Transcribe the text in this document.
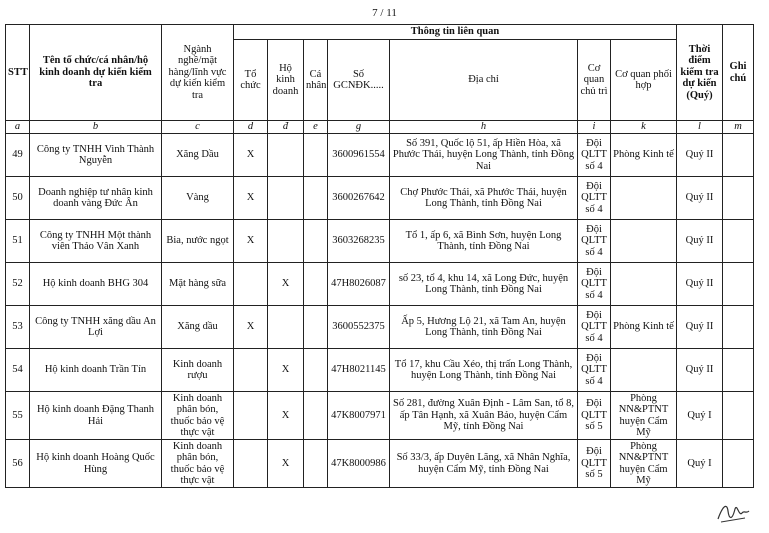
7 / 11
STT	Tên tổ chức/cá nhân/hộ kinh doanh dự kiến kiểm tra	Ngành nghề/mặt hàng/lĩnh vực dự kiến kiểm tra	Thông tin liên quan							Thời điểm kiểm tra dự kiến (Quý)	Ghi chú
			Tổ chức	Hộ kinh doanh	Cá nhân	Số GCNĐK.....	Địa chỉ	Cơ quan chủ trì	Cơ quan phối hợp		
a	b	c	d	đ	e	g	h	i	k	l	m
49	Công ty TNHH Vinh Thành Nguyễn	Xăng Dầu	X			3600961554	Số 391, Quốc lộ 51, ấp Hiền Hòa, xã Phước Thái, huyện Long Thành, tỉnh Đồng Nai	Đội QLTT số 4	Phòng Kinh tế	Quý II	
50	Doanh nghiệp tư nhân kinh doanh vàng Đức Ân	Vàng	X			3600267642	Chợ Phước Thái, xã Phước Thái, huyện Long Thành, tỉnh Đồng Nai	Đội QLTT số 4		Quý II	
51	Công ty TNHH Một thành viên Thảo Vân Xanh	Bia, nước ngọt	X			3603268235	Tổ 1, ấp 6, xã Bình Sơn, huyện Long Thành, tỉnh Đồng Nai	Đội QLTT số 4		Quý II	
52	Hộ kinh doanh BHG 304	Mặt hàng sữa		X		47H8026087	số 23, tổ 4, khu 14, xã Long Đức, huyện Long Thành, tỉnh Đồng Nai	Đội QLTT số 4		Quý II	
53	Công ty TNHH xăng dầu An Lợi	Xăng dầu	X			3600552375	Ấp 5, Hương Lộ 21, xã Tam An, huyện Long Thành, tỉnh Đồng Nai	Đội QLTT số 4	Phòng Kinh tế	Quý II	
54	Hộ kinh doanh Trần Tín	Kinh doanh rượu		X		47H8021145	Tổ 17, khu Cầu Xéo, thị trấn Long Thành, huyện Long Thành, tỉnh Đồng Nai	Đội QLTT số 4		Quý II	
55	Hộ kinh doanh Đặng Thanh Hải	Kinh doanh phân bón, thuốc bảo vệ thực vật		X		47K8007971	Số 281, đường Xuân Định - Lâm San, tổ 8, ấp Tân Hạnh, xã Xuân Bảo, huyện Cẩm Mỹ, tỉnh Đồng Nai	Đội QLTT số 5	Phòng NN&PTNT huyện Cẩm Mỹ	Quý I	
56	Hộ kinh doanh Hoàng Quốc Hùng	Kinh doanh phân bón, thuốc bảo vệ thực vật		X		47K8000986	Số 33/3, ấp Duyên Lãng, xã Nhân Nghĩa, huyện Cẩm Mỹ, tỉnh Đồng Nai	Đội QLTT số 5	Phòng NN&PTNT huyện Cẩm Mỹ	Quý I	
